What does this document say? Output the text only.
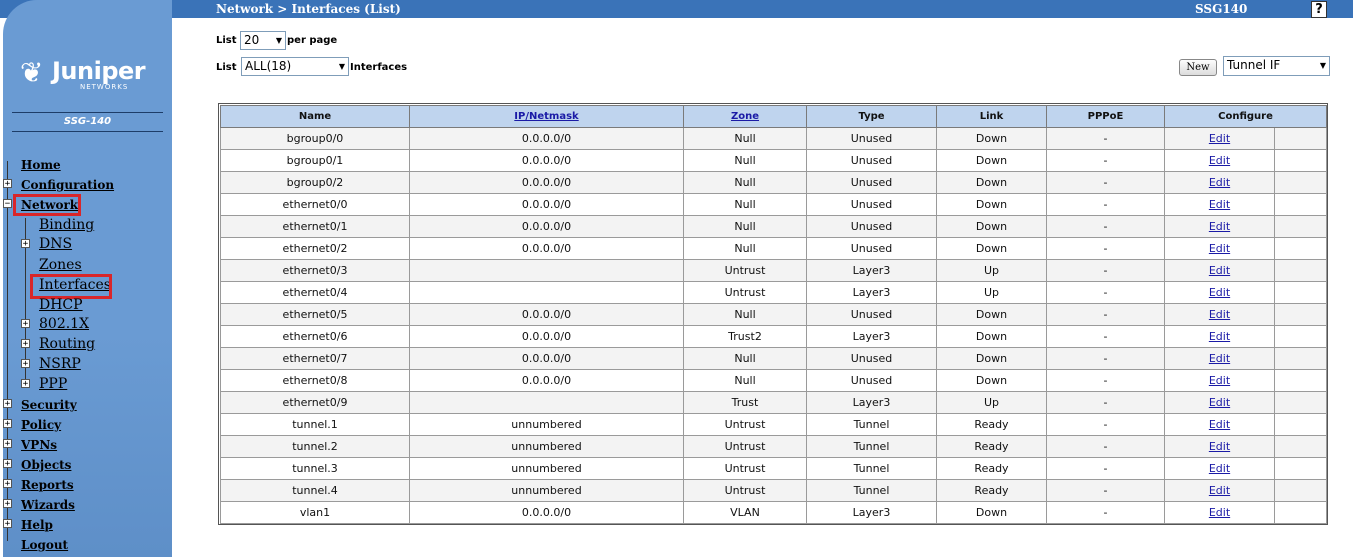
❦ Juniper
NETWORKS
SSG-140
Home
+ Configuration
− Network
Binding
+ DNS
Zones
Interfaces
DHCP
+ 802.1X
+ Routing
+ NSRP
+ PPP
+ Security
+ Policy
+ VPNs
+ Objects
+ Reports
+ Wizards
+ Help
Logout
Network > Interfaces (List)	SSG140	?
List 20 ▼ per page
List ALL(18)	▼ Interfaces	New	Tunnel IF	▼
Name	IP/Netmask	Zone	Type	Link	PPPoE	Configure	
bgroup0/0	0.0.0.0/0	Null	Unused	Down	-	Edit	
bgroup0/1	0.0.0.0/0	Null	Unused	Down	-	Edit	
bgroup0/2	0.0.0.0/0	Null	Unused	Down	-	Edit	
ethernet0/0	0.0.0.0/0	Null	Unused	Down	-	Edit	
ethernet0/1	0.0.0.0/0	Null	Unused	Down	-	Edit	
ethernet0/2	0.0.0.0/0	Null	Unused	Down	-	Edit	
ethernet0/3		Untrust	Layer3	Up	-	Edit	
ethernet0/4		Untrust	Layer3	Up	-	Edit	
ethernet0/5	0.0.0.0/0	Null	Unused	Down	-	Edit	
ethernet0/6	0.0.0.0/0	Trust2	Layer3	Down	-	Edit	
ethernet0/7	0.0.0.0/0	Null	Unused	Down	-	Edit	
ethernet0/8	0.0.0.0/0	Null	Unused	Down	-	Edit	
ethernet0/9		Trust	Layer3	Up	-	Edit	
tunnel.1	unnumbered	Untrust	Tunnel	Ready	-	Edit	
tunnel.2	unnumbered	Untrust	Tunnel	Ready	-	Edit	
tunnel.3	unnumbered	Untrust	Tunnel	Ready	-	Edit	
tunnel.4	unnumbered	Untrust	Tunnel	Ready	-	Edit	
vlan1	0.0.0.0/0	VLAN	Layer3	Down	-	Edit	
